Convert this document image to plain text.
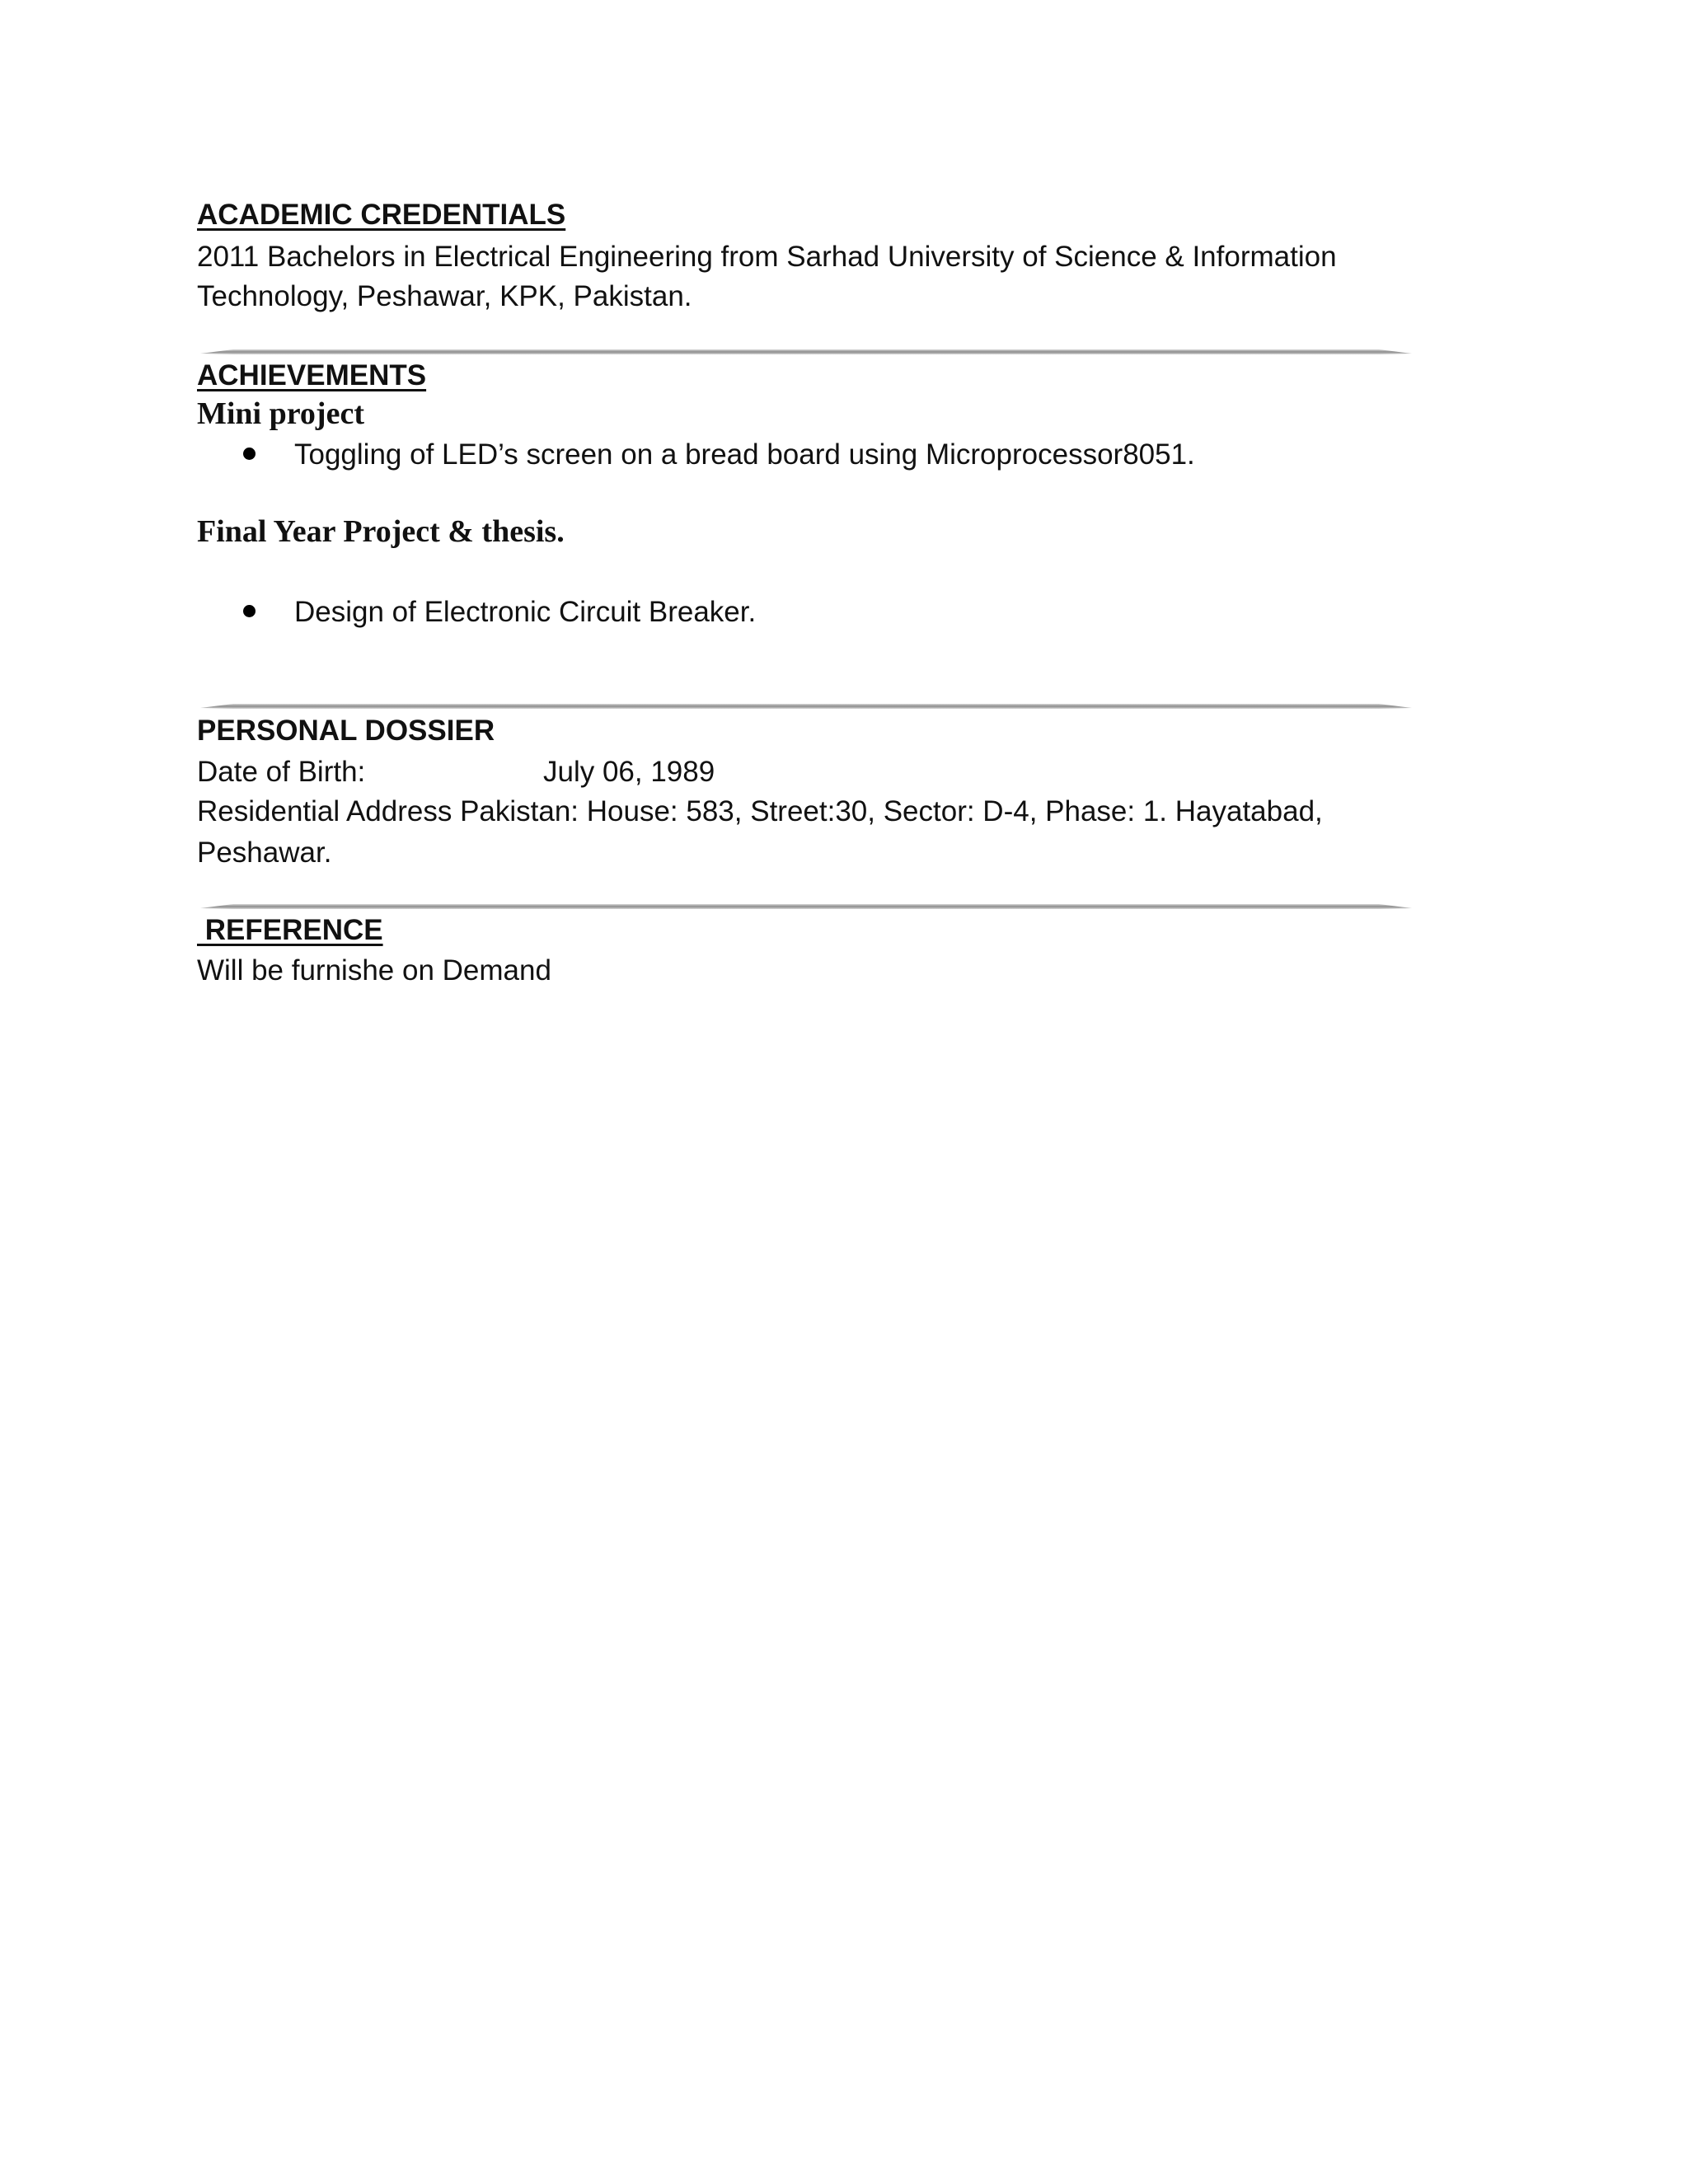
ACADEMIC CREDENTIALS
2011 Bachelors in Electrical Engineering from Sarhad University of Science & Information
Technology, Peshawar, KPK, Pakistan.
ACHIEVEMENTS
Mini project
Toggling of LED’s screen on a bread board using Microprocessor8051.
Final Year Project & thesis.
Design of Electronic Circuit Breaker.
PERSONAL DOSSIER
Date of Birth:	July 06, 1989
Residential Address Pakistan: House: 583, Street:30, Sector: D-4, Phase: 1. Hayatabad,
Peshawar.
REFERENCE
Will be furnishe on Demand
